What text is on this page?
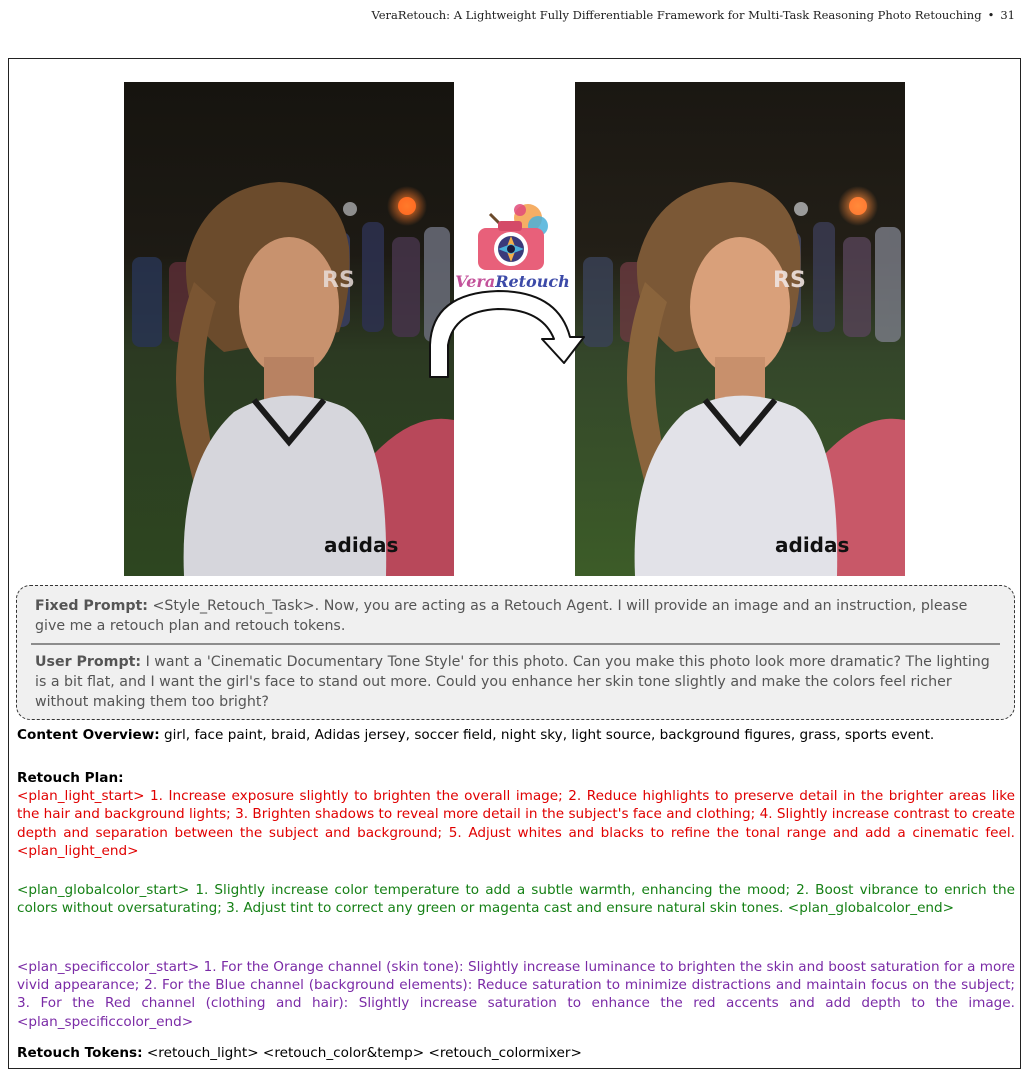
VeraRetouch: A Lightweight Fully Differentiable Framework for Multi-Task Reasoning Photo Retouching • 31
adidas
RS
adidas
RS
VeraRetouch
Fixed Prompt: <Style_Retouch_Task>. Now, you are acting as a Retouch Agent. I will provide an image and an instruction, please give me a retouch plan and retouch tokens.
User Prompt: I want a 'Cinematic Documentary Tone Style' for this photo. Can you make this photo look more dramatic? The lighting is a bit flat, and I want the girl's face to stand out more. Could you enhance her skin tone slightly and make the colors feel richer without making them too bright?
Content Overview: girl, face paint, braid, Adidas jersey, soccer field, night sky, light source, background figures, grass, sports event.
Retouch Plan:
<plan_light_start> 1. Increase exposure slightly to brighten the overall image; 2. Reduce highlights to preserve detail in the brighter areas like the hair and background lights; 3. Brighten shadows to reveal more detail in the subject's face and clothing; 4. Slightly increase contrast to create depth and separation between the subject and background; 5. Adjust whites and blacks to refine the tonal range and add a cinematic feel. <plan_light_end>
<plan_globalcolor_start> 1. Slightly increase color temperature to add a subtle warmth, enhancing the mood; 2. Boost vibrance to enrich the colors without oversaturating; 3. Adjust tint to correct any green or magenta cast and ensure natural skin tones. <plan_globalcolor_end>
<plan_specificcolor_start> 1. For the Orange channel (skin tone): Slightly increase luminance to brighten the skin and boost saturation for a more vivid appearance; 2. For the Blue channel (background elements): Reduce saturation to minimize distractions and maintain focus on the subject; 3. For the Red channel (clothing and hair): Slightly increase saturation to enhance the red accents and add depth to the image. <plan_specificcolor_end>
Retouch Tokens: <retouch_light> <retouch_color&temp> <retouch_colormixer>
